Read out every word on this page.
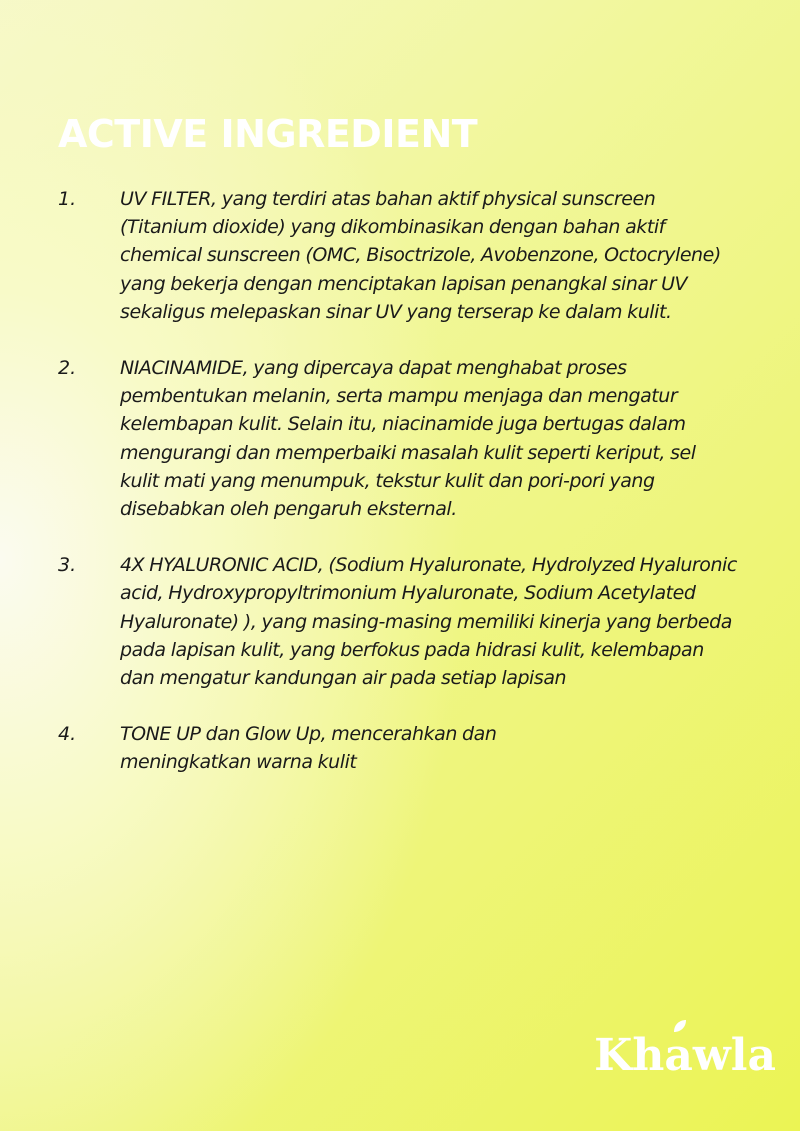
ACTIVE INGREDIENT
1.	UV FILTER, yang terdiri atas bahan aktif physical sunscreen (Titanium dioxide) yang dikombinasikan dengan bahan aktif chemical sunscreen (OMC, Bisoctrizole, Avobenzone, Octocrylene) yang bekerja dengan menciptakan lapisan penangkal sinar UV sekaligus melepaskan sinar UV yang terserap ke dalam kulit.
2.	NIACINAMIDE, yang dipercaya dapat menghabat proses pembentukan melanin, serta mampu menjaga dan mengatur kelembapan kulit. Selain itu, niacinamide juga bertugas dalam mengurangi dan memperbaiki masalah kulit seperti keriput, sel kulit mati yang menumpuk, tekstur kulit dan pori-pori yang disebabkan oleh pengaruh eksternal.
3.	4X HYALURONIC ACID, (Sodium Hyaluronate, Hydrolyzed Hyaluronic acid, Hydroxypropyltrimonium Hyaluronate, Sodium Acetylated Hyaluronate) ), yang masing-masing memiliki kinerja yang berbeda pada lapisan kulit, yang berfokus pada hidrasi kulit, kelembapan dan mengatur kandungan air pada setiap lapisan
4.	TONE UP dan Glow Up, mencerahkan dan meningkatkan warna kulit
Khawla
